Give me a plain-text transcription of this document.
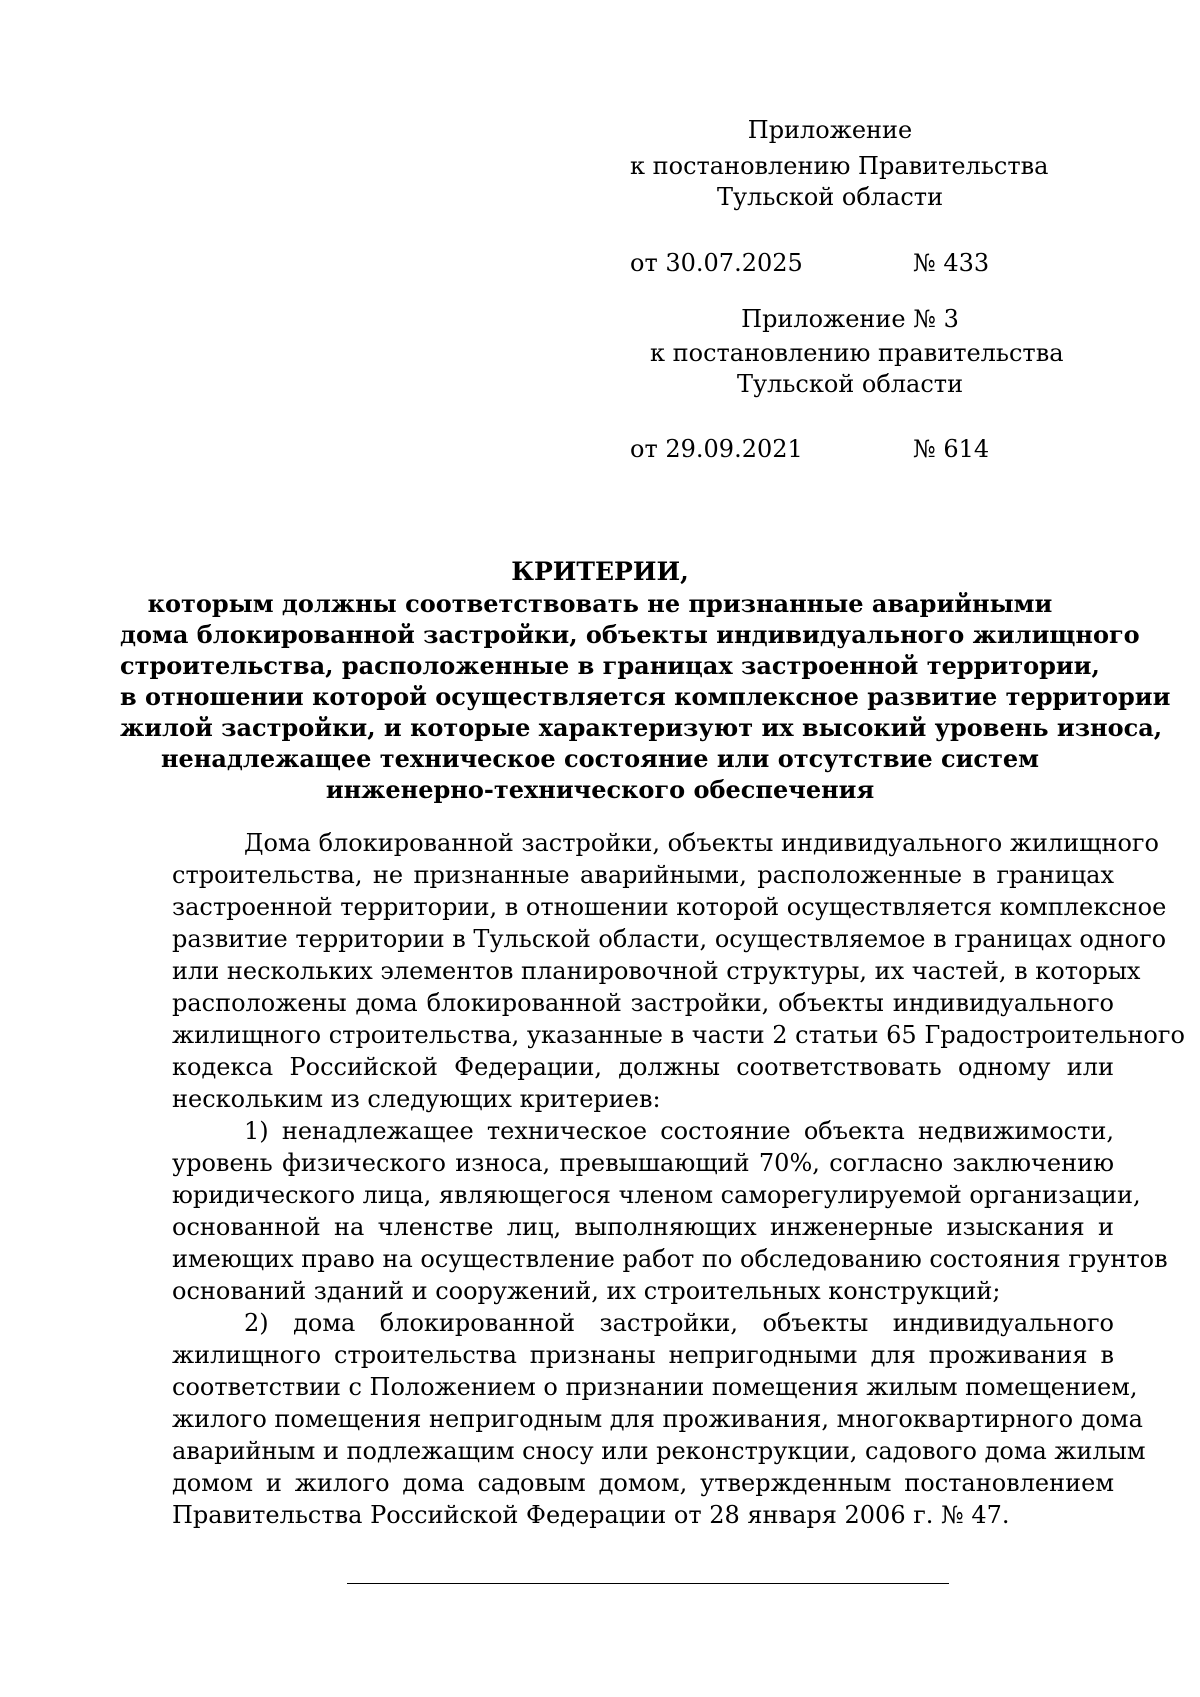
Приложение
к постановлению Правительства
Тульской области
от 30.07.2025	№ 433
Приложение № 3
к постановлению правительства
Тульской области
от 29.09.2021	№ 614
КРИТЕРИИ,
которым должны соответствовать не признанные аварийными
дома блокированной застройки, объекты индивидуального жилищного
строительства, расположенные в границах застроенной территории,
в отношении которой осуществляется комплексное развитие территории
жилой застройки, и которые характеризуют их высокий уровень износа,
ненадлежащее техническое состояние или отсутствие систем
инженерно-технического обеспечения
Дома блокированной застройки, объекты индивидуального жилищного
строительства, не признанные аварийными, расположенные в границах
застроенной территории, в отношении которой осуществляется комплексное
развитие территории в Тульской области, осуществляемое в границах одного
или нескольких элементов планировочной структуры, их частей, в которых
расположены дома блокированной застройки, объекты индивидуального
жилищного строительства, указанные в части 2 статьи 65 Градостроительного
кодекса Российской Федерации, должны соответствовать одному или
нескольким из следующих критериев:
1) ненадлежащее техническое состояние объекта недвижимости,
уровень физического износа, превышающий 70%, согласно заключению
юридического лица, являющегося членом саморегулируемой организации,
основанной на членстве лиц, выполняющих инженерные изыскания и
имеющих право на осуществление работ по обследованию состояния грунтов
оснований зданий и сооружений, их строительных конструкций;
2) дома блокированной застройки, объекты индивидуального
жилищного строительства признаны непригодными для проживания в
соответствии с Положением о признании помещения жилым помещением,
жилого помещения непригодным для проживания, многоквартирного дома
аварийным и подлежащим сносу или реконструкции, садового дома жилым
домом и жилого дома садовым домом, утвержденным постановлением
Правительства Российской Федерации от 28 января 2006 г. № 47.
